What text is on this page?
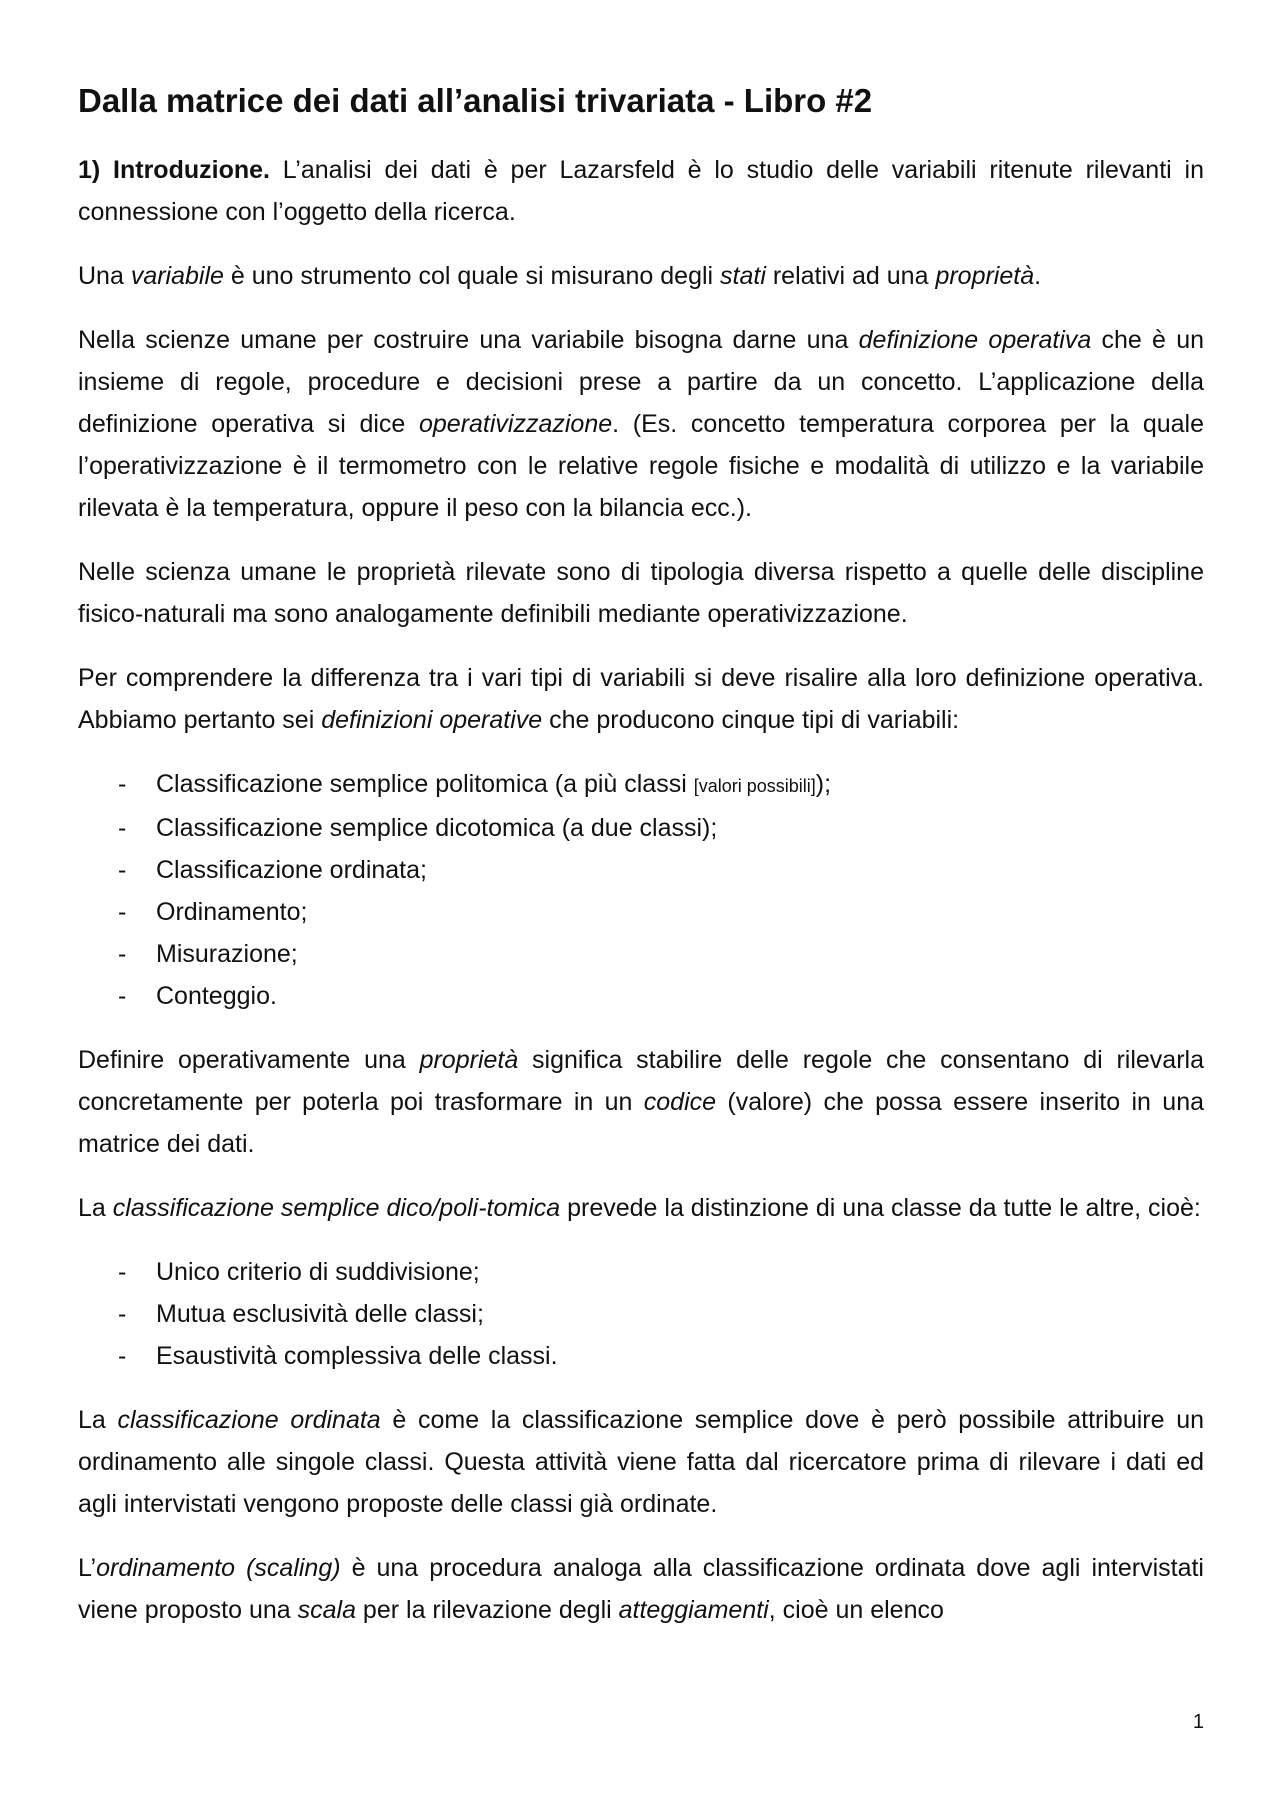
Dalla matrice dei dati all’analisi trivariata - Libro #2

1) Introduzione. L’analisi dei dati è per Lazarsfeld è lo studio delle variabili ritenute rilevanti in connessione con l’oggetto della ricerca.

Una variabile è uno strumento col quale si misurano degli stati relativi ad una proprietà.

Nella scienze umane per costruire una variabile bisogna darne una definizione operativa che è un insieme di regole, procedure e decisioni prese a partire da un concetto. L’applicazione della definizione operativa si dice operativizzazione. (Es. concetto temperatura corporea per la quale l’operativizzazione è il termometro con le relative regole fisiche e modalità di utilizzo e la variabile rilevata è la temperatura, oppure il peso con la bilancia ecc.).

Nelle scienza umane le proprietà rilevate sono di tipologia diversa rispetto a quelle delle discipline fisico-naturali ma sono analogamente definibili mediante operativizzazione.

Per comprendere la differenza tra i vari tipi di variabili si deve risalire alla loro definizione operativa. Abbiamo pertanto sei definizioni operative che producono cinque tipi di variabili:

- Classificazione semplice politomica (a più classi [valori possibili]);
- Classificazione semplice dicotomica (a due classi);
- Classificazione ordinata;
- Ordinamento;
- Misurazione;
- Conteggio.

Definire operativamente una proprietà significa stabilire delle regole che consentano di rilevarla concretamente per poterla poi trasformare in un codice (valore) che possa essere inserito in una matrice dei dati.

La classificazione semplice dico/poli-tomica prevede la distinzione di una classe da tutte le altre, cioè:

- Unico criterio di suddivisione;
- Mutua esclusività delle classi;
- Esaustività complessiva delle classi.

La classificazione ordinata è come la classificazione semplice dove è però possibile attribuire un ordinamento alle singole classi. Questa attività viene fatta dal ricercatore prima di rilevare i dati ed agli intervistati vengono proposte delle classi già ordinate.

L’ordinamento (scaling) è una procedura analoga alla classificazione ordinata dove agli intervistati viene proposto una scala per la rilevazione degli atteggiamenti, cioè un elenco

1
